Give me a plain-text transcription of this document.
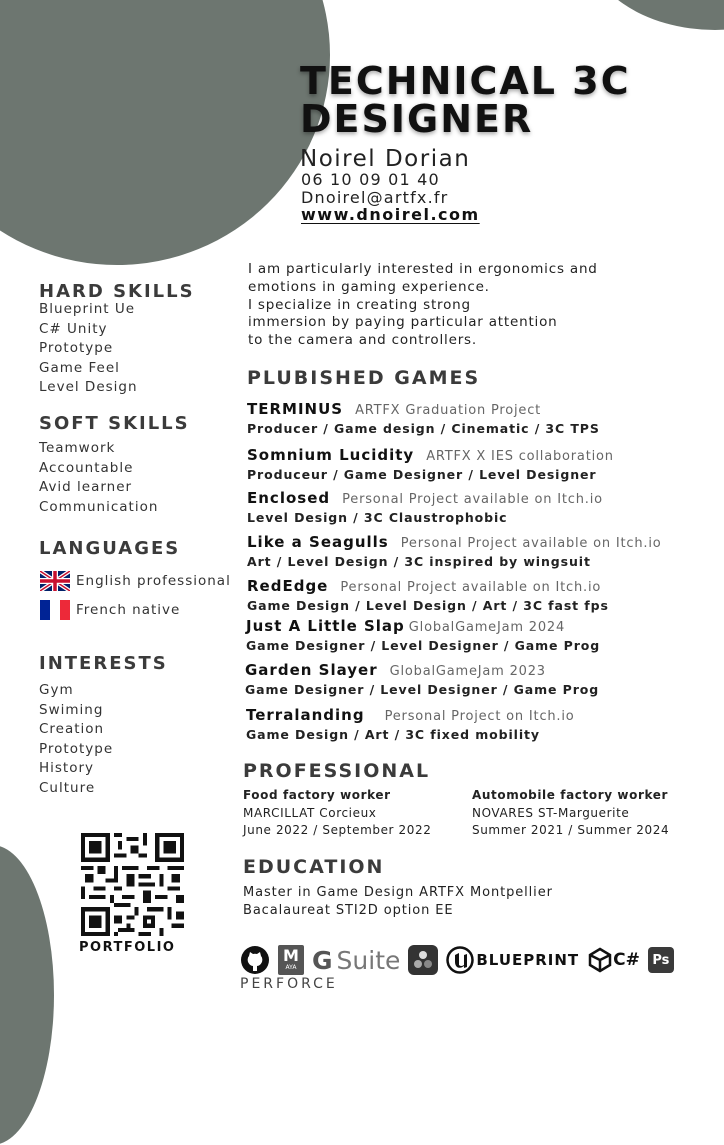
TECHNICAL 3C
DESIGNER
Noirel Dorian
06 10 09 01 40
Dnoirel@artfx.fr
www.dnoirel.com
I am particularly interested in ergonomics and
emotions in gaming experience.
I specialize in creating strong
immersion by paying particular attention
to the camera and controllers.
HARD SKILLS
Blueprint Ue
C# Unity
Prototype
Game Feel
Level Design
SOFT SKILLS
Teamwork
Accountable
Avid learner
Communication
LANGUAGES
English professional
French native
INTERESTS
Gym
Swiming
Creation
Prototype
History
Culture
PORTFOLIO
PLUBISHED GAMES
TERMINUS ARTFX Graduation Project
Producer / Game design / Cinematic / 3C TPS
Somnium Lucidity ARTFX X IES collaboration
Produceur / Game Designer / Level Designer
Enclosed Personal Project available on Itch.io
Level Design / 3C Claustrophobic
Like a Seagulls Personal Project available on Itch.io
Art / Level Design / 3C inspired by wingsuit
RedEdge Personal Project available on Itch.io
Game Design / Level Design / Art / 3C fast fps
Just A Little Slap GlobalGameJam 2024
Game Designer / Level Designer / Game Prog
Garden Slayer GlobalGameJam 2023
Game Designer / Level Designer / Game Prog
Terralanding Personal Project on Itch.io
Game Design / Art / 3C fixed mobility
PROFESSIONAL
Food factory worker
MARCILLAT Corcieux
June 2022 / September 2022
Automobile factory worker
NOVARES ST-Marguerite
Summer 2021 / Summer 2024
EDUCATION
Master in Game Design ARTFX Montpellier
Bacalaureat STI2D option EE
M
AYA G Suite	BLUEPRINT C# Ps
PERFORCE
